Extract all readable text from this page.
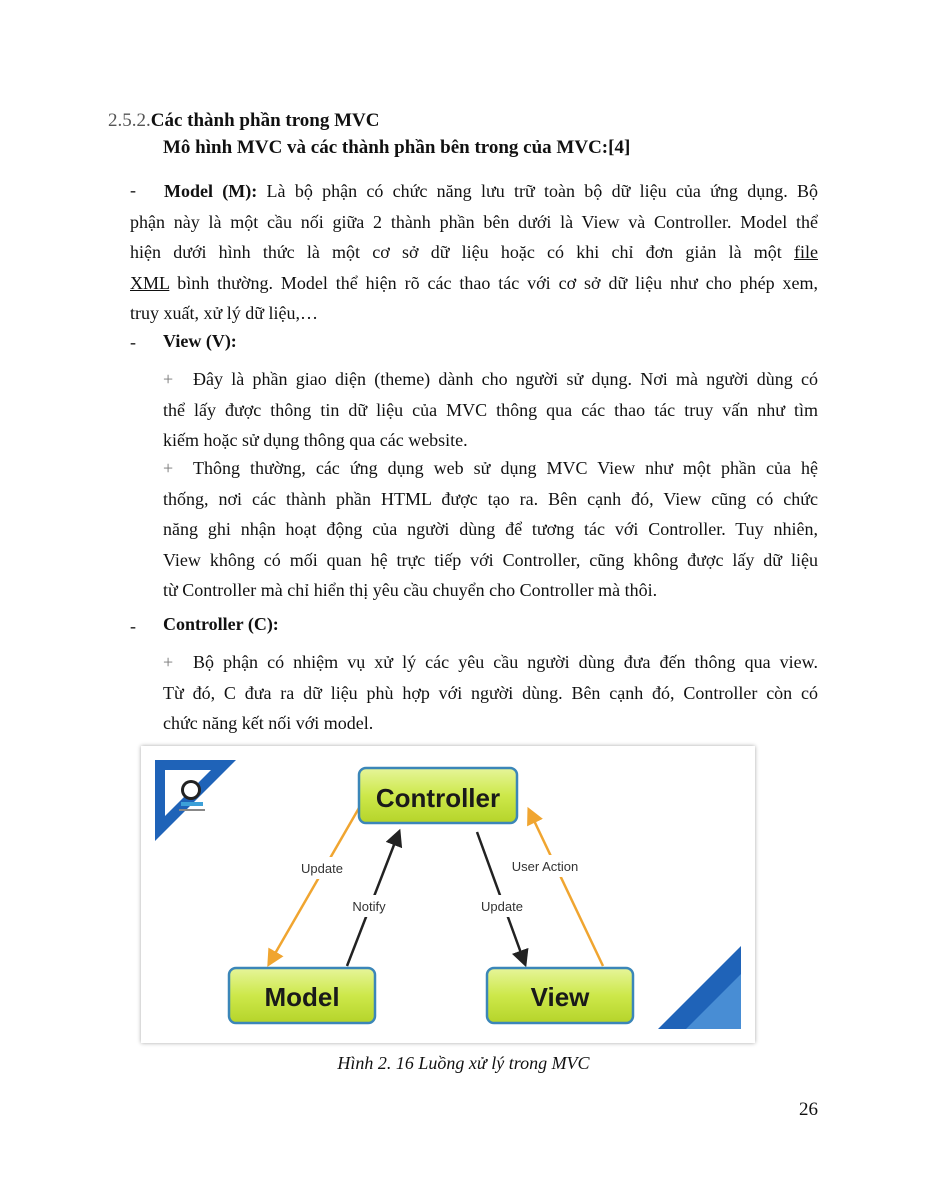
2.5.2.Các thành phần trong MVC
Mô hình MVC và các thành phần bên trong của MVC:[4]
-	Model (M): Là bộ phận có chức năng lưu trữ toàn bộ dữ liệu của ứng dụng. Bộ
phận này là một cầu nối giữa 2 thành phần bên dưới là View và Controller. Model thể
hiện dưới hình thức là một cơ sở dữ liệu hoặc có khi chỉ đơn giản là một file
XML bình thường. Model thể hiện rõ các thao tác với cơ sở dữ liệu như cho phép xem,
truy xuất, xử lý dữ liệu,…
- View (V):
+ Đây là phần giao diện (theme) dành cho người sử dụng. Nơi mà người dùng có
thể lấy được thông tin dữ liệu của MVC thông qua các thao tác truy vấn như tìm
kiếm hoặc sử dụng thông qua các website.
+ Thông thường, các ứng dụng web sử dụng MVC View như một phần của hệ
thống, nơi các thành phần HTML được tạo ra. Bên cạnh đó, View cũng có chức
năng ghi nhận hoạt động của người dùng để tương tác với Controller. Tuy nhiên,
View không có mối quan hệ trực tiếp với Controller, cũng không được lấy dữ liệu
từ Controller mà chỉ hiển thị yêu cầu chuyển cho Controller mà thôi.
- Controller (C):
+ Bộ phận có nhiệm vụ xử lý các yêu cầu người dùng đưa đến thông qua view.
Từ đó, C đưa ra dữ liệu phù hợp với người dùng. Bên cạnh đó, Controller còn có
chức năng kết nối với model.
Update
Notify	Update
User Action
Controller
Model	View
Hình 2. 16 Luồng xử lý trong MVC
26
